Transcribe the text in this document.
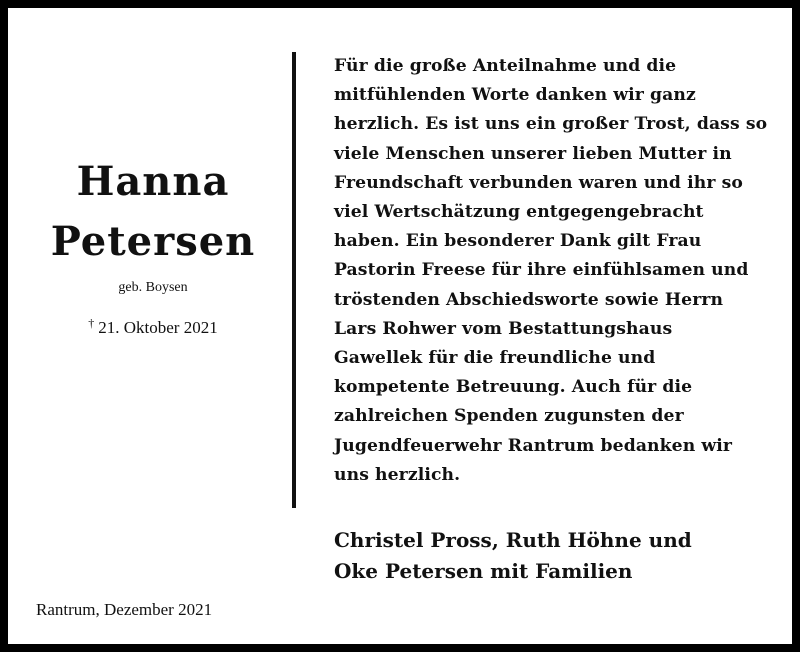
Hanna
Petersen
geb. Boysen
† 21. Oktober 2021
Für die große Anteilnahme und die
mitfühlenden Worte danken wir ganz
herzlich. Es ist uns ein großer Trost, dass so
viele Menschen unserer lieben Mutter in
Freundschaft verbunden waren und ihr so
viel Wertschätzung entgegengebracht
haben. Ein besonderer Dank gilt Frau
Pastorin Freese für ihre einfühlsamen und
tröstenden Abschiedsworte sowie Herrn
Lars Rohwer vom Bestattungshaus
Gawellek für die freundliche und
kompetente Betreuung. Auch für die
zahlreichen Spenden zugunsten der
Jugendfeuerwehr Rantrum bedanken wir
uns herzlich.
Christel Pross, Ruth Höhne und
Oke Petersen mit Familien
Rantrum, Dezember 2021
